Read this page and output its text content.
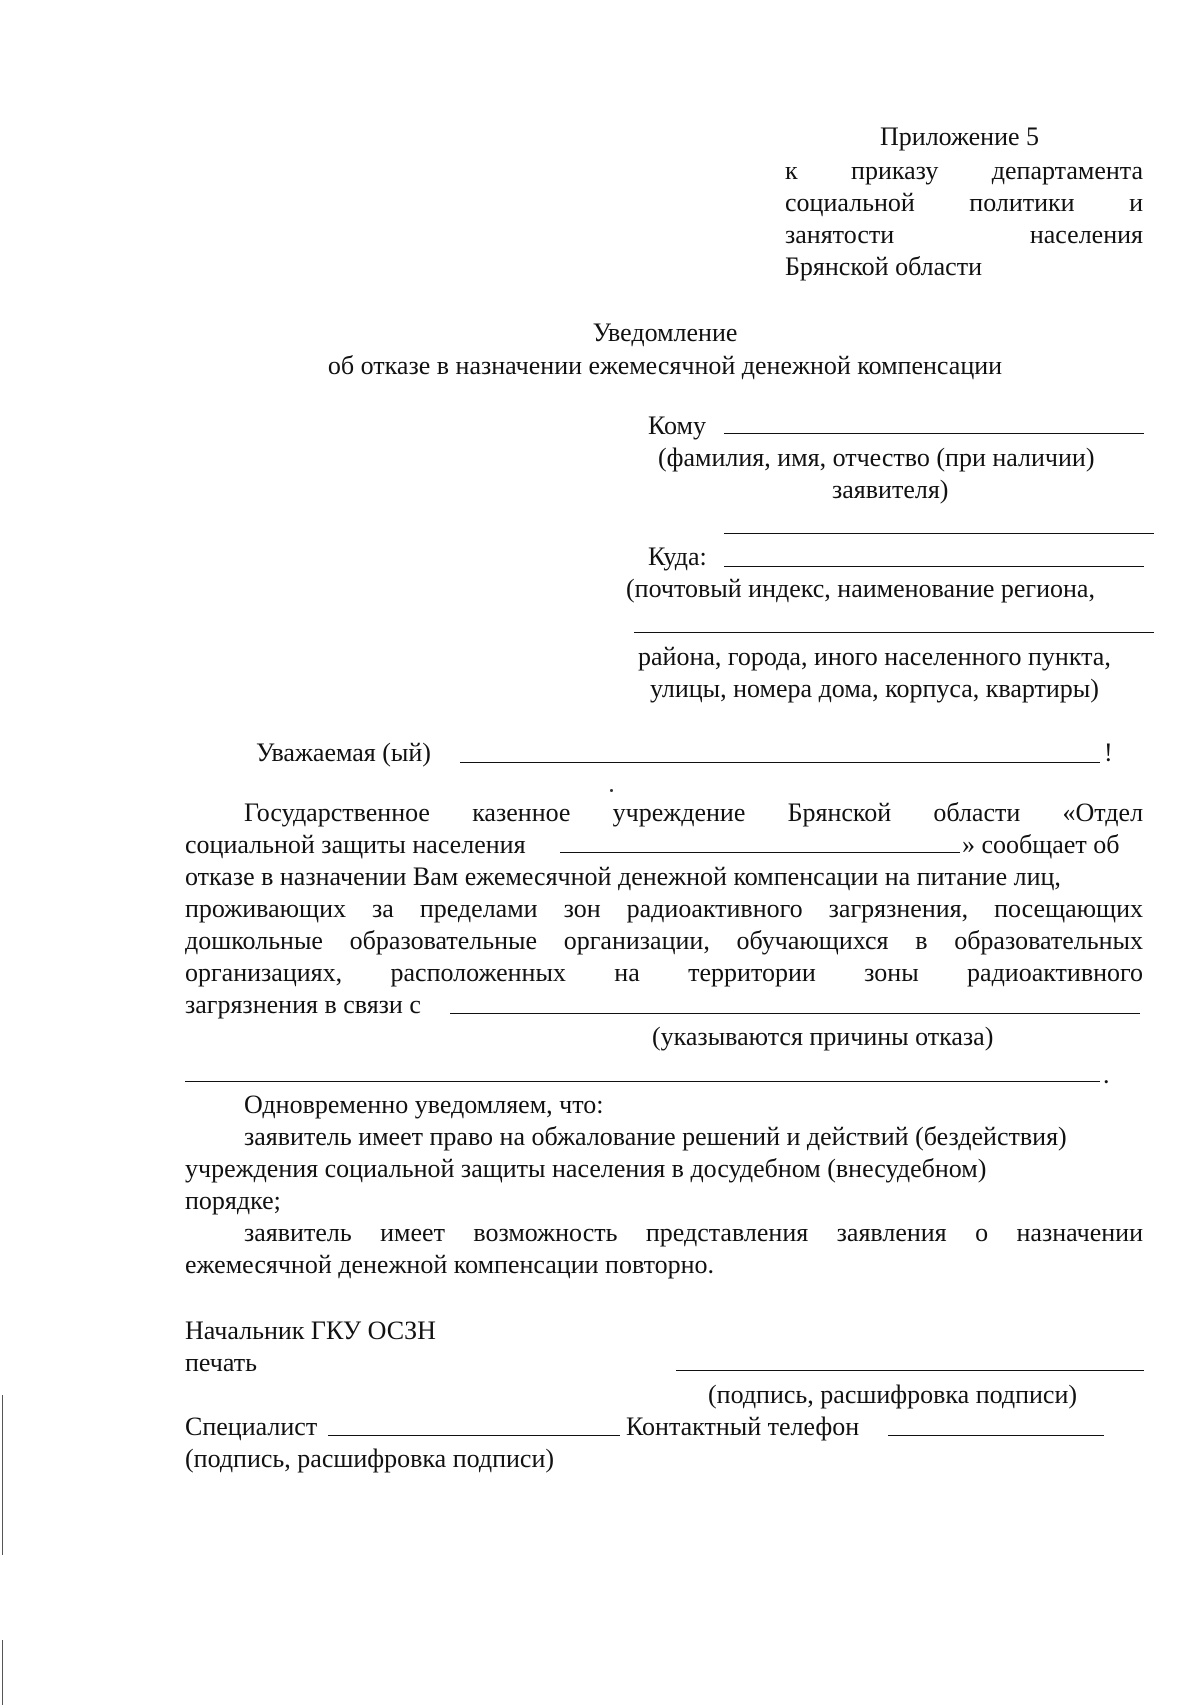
Приложение 5
к приказу департамента
социальной политики и
занятости	населения
Брянской области
Уведомление
об отказе в назначении ежемесячной денежной компенсации
Кому
(фамилия, имя, отчество (при наличии)
заявителя)
Куда:
(почтовый индекс, наименование региона,
района, города, иного населенного пункта,
улицы, номера дома, корпуса, квартиры)
Уважаемая (ый)	!
Государственное казенное учреждение Брянской области «Отдел
социальной защиты населения	» сообщает об
отказе в назначении Вам ежемесячной денежной компенсации на питание лиц,
проживающих за пределами зон радиоактивного загрязнения, посещающих
дошкольные образовательные организации, обучающихся в образовательных
организациях, расположенных на территории зоны радиоактивного
загрязнения в связи с
(указываются причины отказа)
.
Одновременно уведомляем, что:
заявитель имеет право на обжалование решений и действий (бездействия)
учреждения социальной защиты населения в досудебном (внесудебном)
порядке;
заявитель имеет возможность представления заявления о назначении
ежемесячной денежной компенсации повторно.
Начальник ГКУ ОСЗН
печать
(подпись, расшифровка подписи)
Специалист	Контактный телефон
(подпись, расшифровка подписи)
